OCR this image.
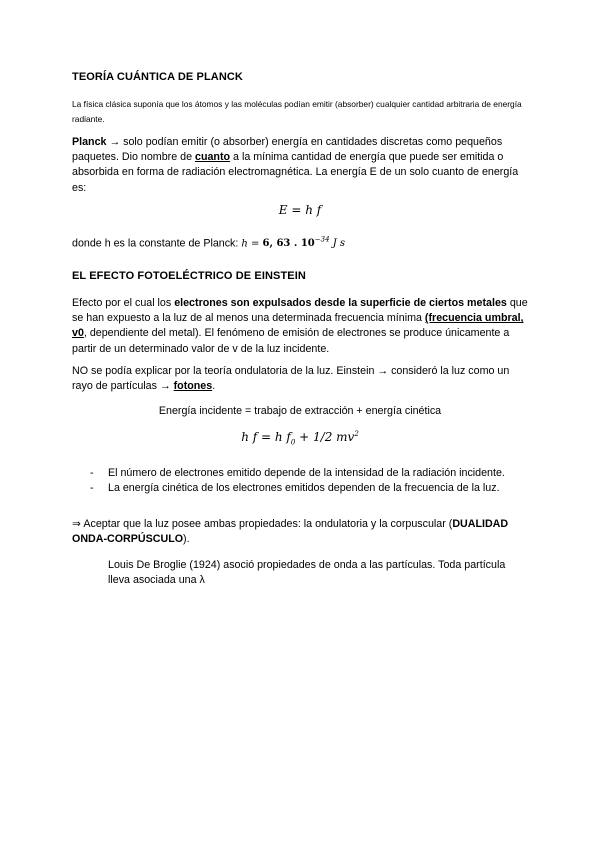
TEORÍA CUÁNTICA DE PLANCK

La física clásica suponía que los átomos y las moléculas podían emitir (absorber) cualquier cantidad arbitraria de energía radiante.

Planck → solo podían emitir (o absorber) energía en cantidades discretas como pequeños paquetes. Dio nombre de cuanto a la mínima cantidad de energía que puede ser emitida o absorbida en forma de radiación electromagnética. La energía E de un solo cuanto de energía es:

E = h f

donde h es la constante de Planck: h = 6, 63 . $10^{-34}$ J s

EL EFECTO FOTOELÉCTRICO DE EINSTEIN

Efecto por el cual los electrones son expulsados desde la superficie de ciertos metales que se han expuesto a la luz de al menos una determinada frecuencia mínima (frecuencia umbral, v0, dependiente del metal). El fenómeno de emisión de electrones se produce únicamente a partir de un determinado valor de v de la luz incidente.

NO se podía explicar por la teoría ondulatoria de la luz. Einstein → consideró la luz como un rayo de partículas → fotones.

Energía incidente = trabajo de extracción + energía cinética

h f = h $f_0 + 1/2$ $mv^2$

- El número de electrones emitido depende de la intensidad de la radiación incidente.
- La energía cinética de los electrones emitidos dependen de la frecuencia de la luz.

⇒ Aceptar que la luz posee ambas propiedades: la ondulatoria y la corpuscular (DUALIDAD ONDA-CORPÚSCULO).

Louis De Broglie (1924) asoció propiedades de onda a las partículas. Toda partícula lleva asociada una λ
